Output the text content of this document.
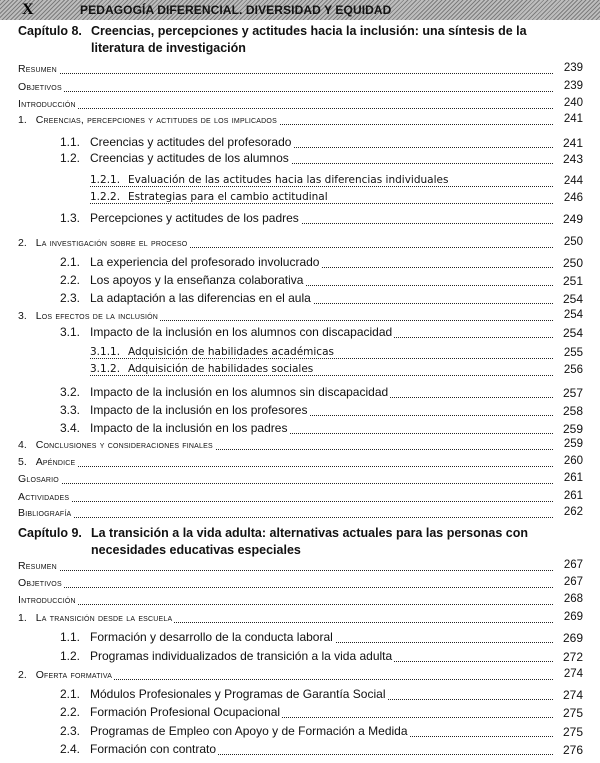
X	PEDAGOGÍA DIFERENCIAL. DIVERSIDAD Y EQUIDAD
Capítulo 8. Creencias, percepciones y actitudes hacia la inclusión: una síntesis de la literatura de investigación
Resumen	239
Objetivos	239
Introducción	240
1. Creencias, percepciones y actitudes de los implicados	241
1.1. Creencias y actitudes del profesorado	241
1.2. Creencias y actitudes de los alumnos	243
1.2.1. Evaluación de las actitudes hacia las diferencias individuales	244
1.2.2. Estrategias para el cambio actitudinal	246
1.3. Percepciones y actitudes de los padres	249
2. La investigación sobre el proceso	250
2.1. La experiencia del profesorado involucrado	250
2.2. Los apoyos y la enseñanza colaborativa	251
2.3. La adaptación a las diferencias en el aula	254
3. Los efectos de la inclusión	254
3.1. Impacto de la inclusión en los alumnos con discapacidad	254
3.1.1. Adquisición de habilidades académicas	255
3.1.2. Adquisición de habilidades sociales	256
3.2. Impacto de la inclusión en los alumnos sin discapacidad	257
3.3. Impacto de la inclusión en los profesores	258
3.4. Impacto de la inclusión en los padres	259
4. Conclusiones y consideraciones finales	259
5. Apéndice	260
Glosario	261
Actividades	261
Bibliografía	262
Capítulo 9. La transición a la vida adulta: alternativas actuales para las personas con necesidades educativas especiales
Resumen	267
Objetivos	267
Introducción	268
1. La transición desde la escuela	269
1.1. Formación y desarrollo de la conducta laboral	269
1.2. Programas individualizados de transición a la vida adulta	272
2. Oferta formativa	274
2.1. Módulos Profesionales y Programas de Garantía Social	274
2.2. Formación Profesional Ocupacional	275
2.3. Programas de Empleo con Apoyo y de Formación a Medida	275
2.4. Formación con contrato	276
